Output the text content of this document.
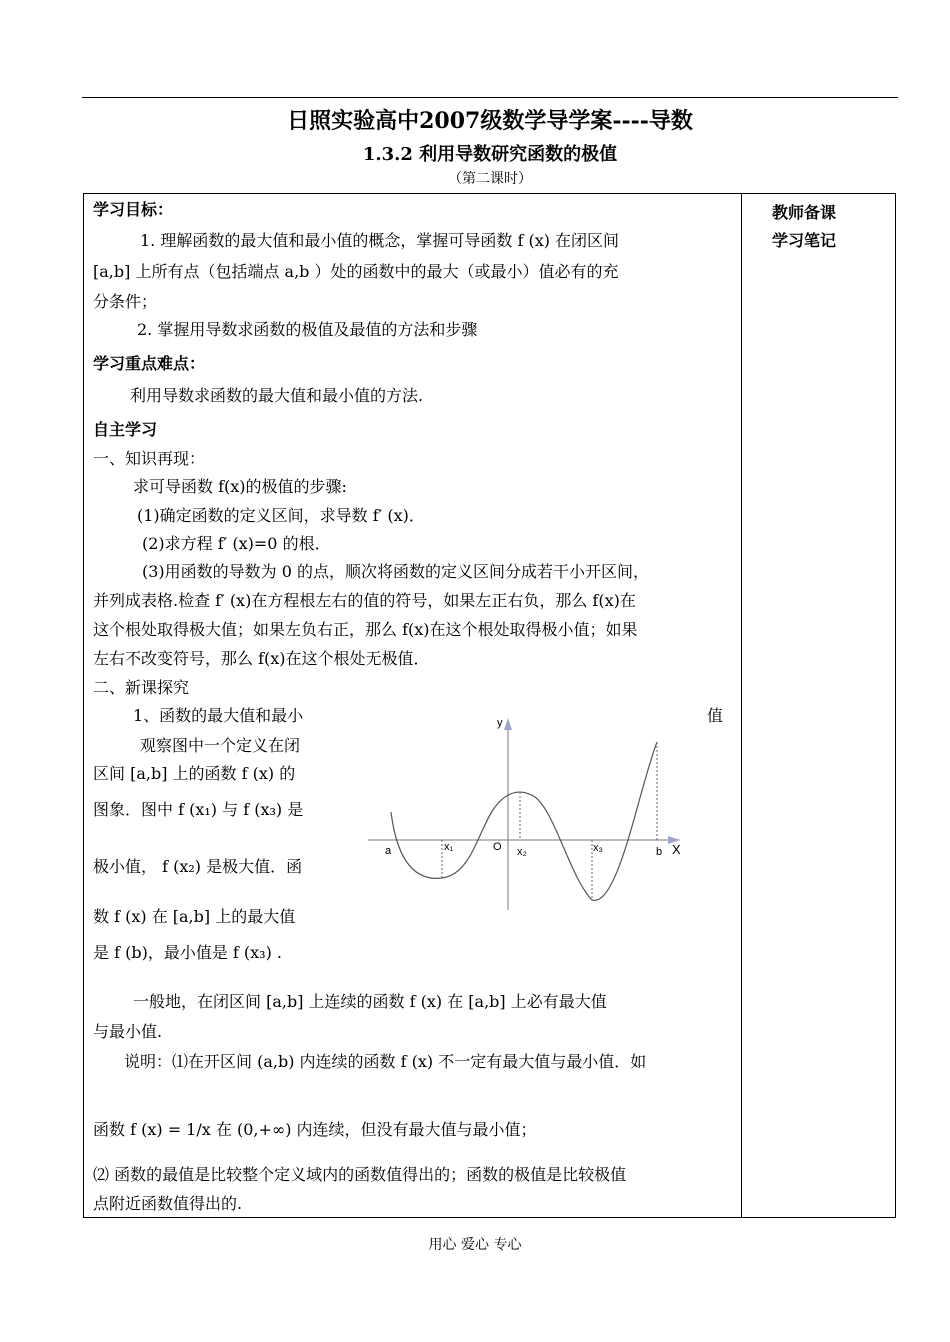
日照实验高中2007级数学导学案----导数
1.3.2 利用导数研究函数的极值
（第二课时）
教师备课
学习笔记
学习目标：
1. 理解函数的最大值和最小值的概念，掌握可导函数 f (x) 在闭区间
[a,b] 上所有点（包括端点 a,b ）处的函数中的最大（或最小）值必有的充
分条件；
2. 掌握用导数求函数的极值及最值的方法和步骤
学习重点难点：
利用导数求函数的最大值和最小值的方法.
自主学习
一、知识再现：
求可导函数 f(x)的极值的步骤:
(1)确定函数的定义区间，求导数 f′ (x)．
(2)求方程 f′ (x)=0 的根．
(3)用函数的导数为 0 的点，顺次将函数的定义区间分成若干小开区间，
并列成表格.检查 f′ (x)在方程根左右的值的符号，如果左正右负，那么 f(x)在
这个根处取得极大值；如果左负右正，那么 f(x)在这个根处取得极小值；如果
左右不改变符号，那么 f(x)在这个根处无极值．
二、新课探究
1、函数的最大值和最小	值
观察图中一个定义在闭
区间 [a,b] 上的函数 f (x) 的
图象．图中 f (x₁) 与 f (x₃) 是
极小值， f (x₂) 是极大值．函
数 f (x) 在 [a,b] 上的最大值
是 f (b)，最小值是 f (x₃) .
y
X
O
a	b
x₁	x₂	x₃
一般地，在闭区间 [a,b] 上连续的函数 f (x) 在 [a,b] 上必有最大值
与最小值.
说明：⑴在开区间 (a,b) 内连续的函数 f (x) 不一定有最大值与最小值．如
函数 f (x) = 1/x 在 (0,+∞) 内连续，但没有最大值与最小值；
⑵ 函数的最值是比较整个定义域内的函数值得出的；函数的极值是比较极值
点附近函数值得出的.
用心 爱心 专心
